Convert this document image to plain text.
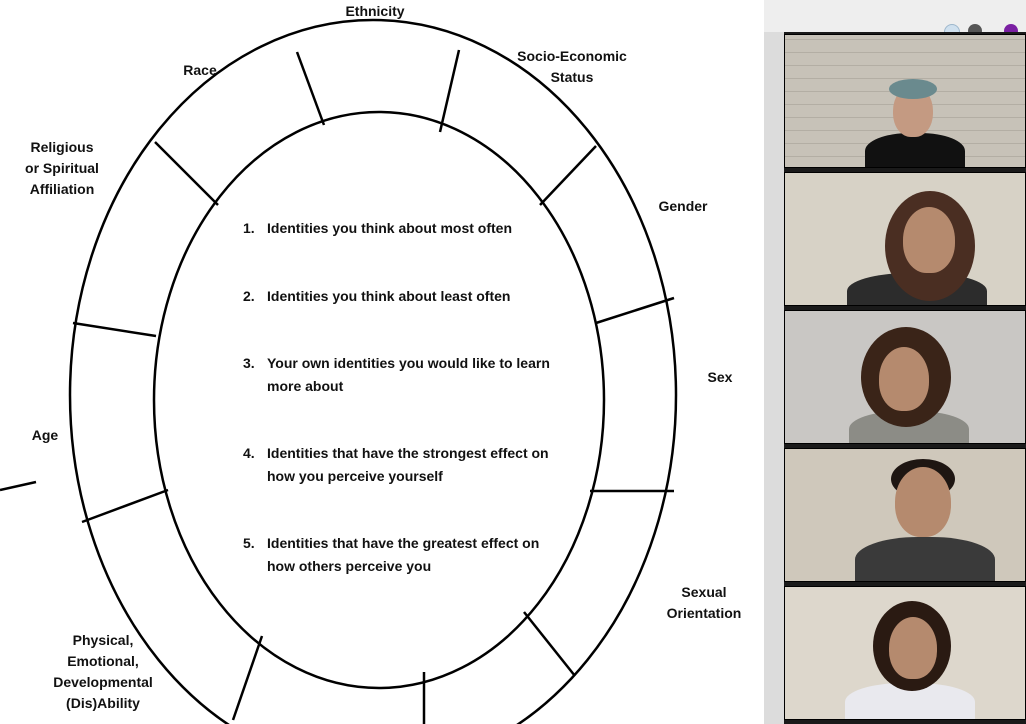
Ethnicity
Race
Socio-Economic
Status
Religious
or Spiritual
Affiliation
Gender
Sex
Age
Sexual
Orientation
Physical,
Emotional,
Developmental
(Dis)Ability
1. Identities you think about most often
2. Identities you think about least often
3. Your own identities you would like to learn
more about
4. Identities that have the strongest effect on
how you perceive yourself
5. Identities that have the greatest effect on
how others perceive you
